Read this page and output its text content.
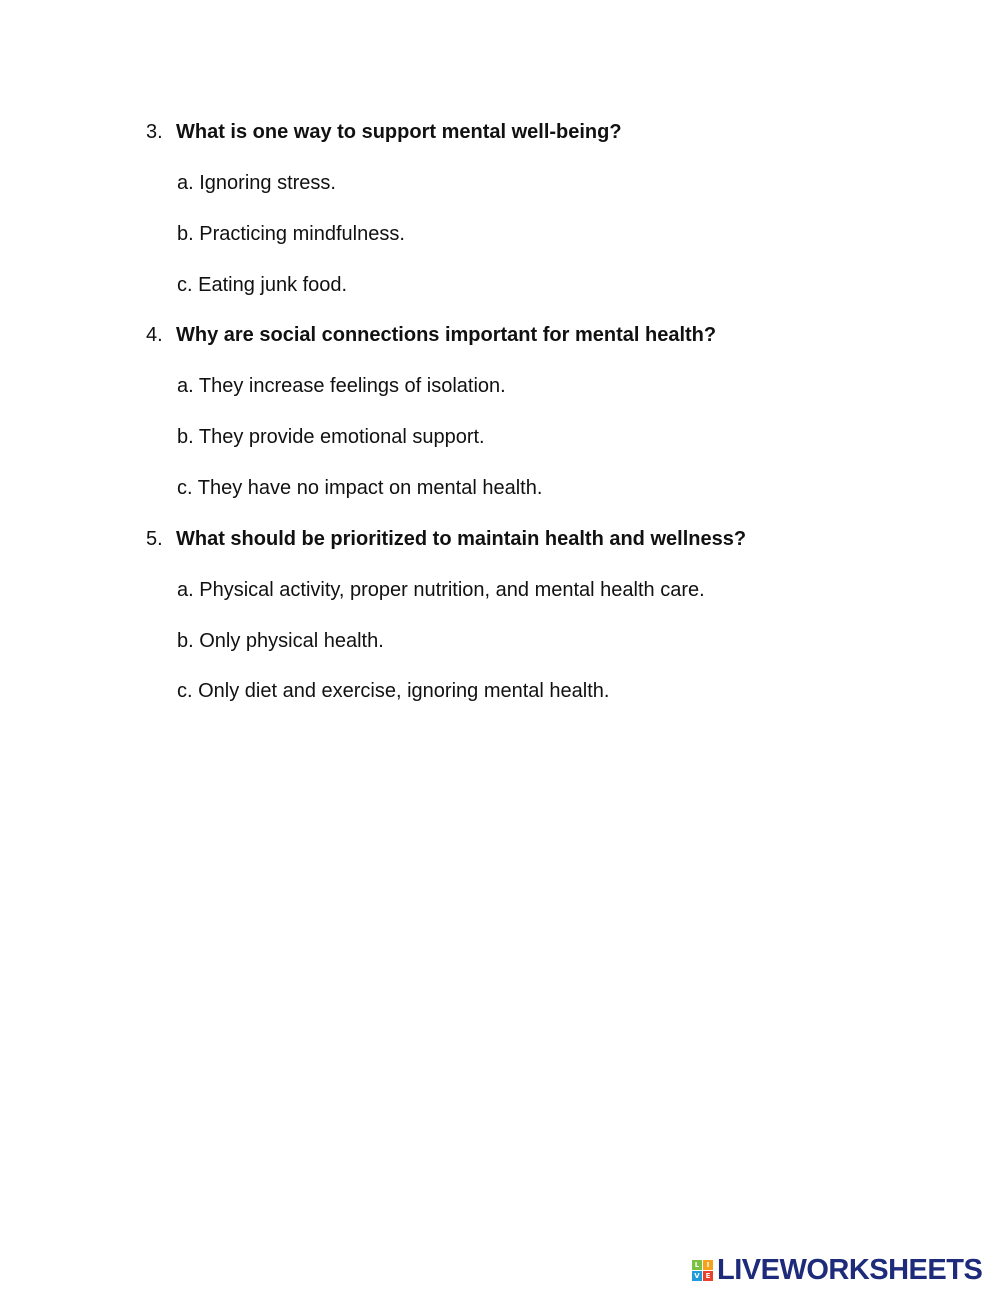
3. What is one way to support mental well-being?
a. Ignoring stress.
b. Practicing mindfulness.
c. Eating junk food.
4. Why are social connections important for mental health?
a. They increase feelings of isolation.
b. They provide emotional support.
c. They have no impact on mental health.
5. What should be prioritized to maintain health and wellness?
a. Physical activity, proper nutrition, and mental health care.
b. Only physical health.
c. Only diet and exercise, ignoring mental health.
L	I
V E LIVEWORKSHEETS
